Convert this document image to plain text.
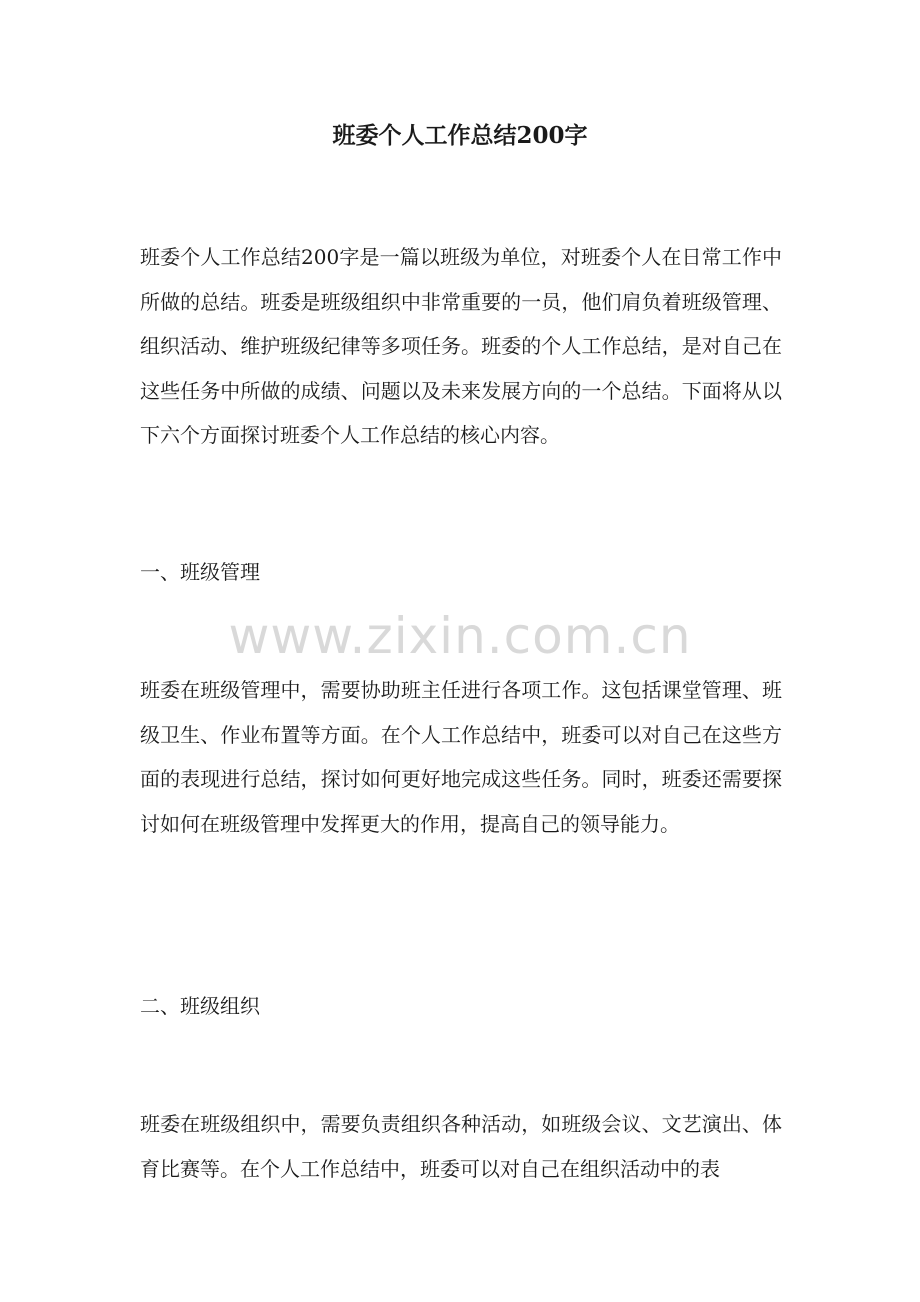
班委个人工作总结200字

班委个人工作总结200字是一篇以班级为单位，对班委个人在日常工作中所做的总结。班委是班级组织中非常重要的一员，他们肩负着班级管理、组织活动、维护班级纪律等多项任务。班委的个人工作总结，是对自己在这些任务中所做的成绩、问题以及未来发展方向的一个总结。下面将从以下六个方面探讨班委个人工作总结的核心内容。

一、班级管理

www.zixin.com.cn

班委在班级管理中，需要协助班主任进行各项工作。这包括课堂管理、班级卫生、作业布置等方面。在个人工作总结中，班委可以对自己在这些方面的表现进行总结，探讨如何更好地完成这些任务。同时，班委还需要探讨如何在班级管理中发挥更大的作用，提高自己的领导能力。

二、班级组织

班委在班级组织中，需要负责组织各种活动，如班级会议、文艺演出、体育比赛等。在个人工作总结中，班委可以对自己在组织活动中的表
